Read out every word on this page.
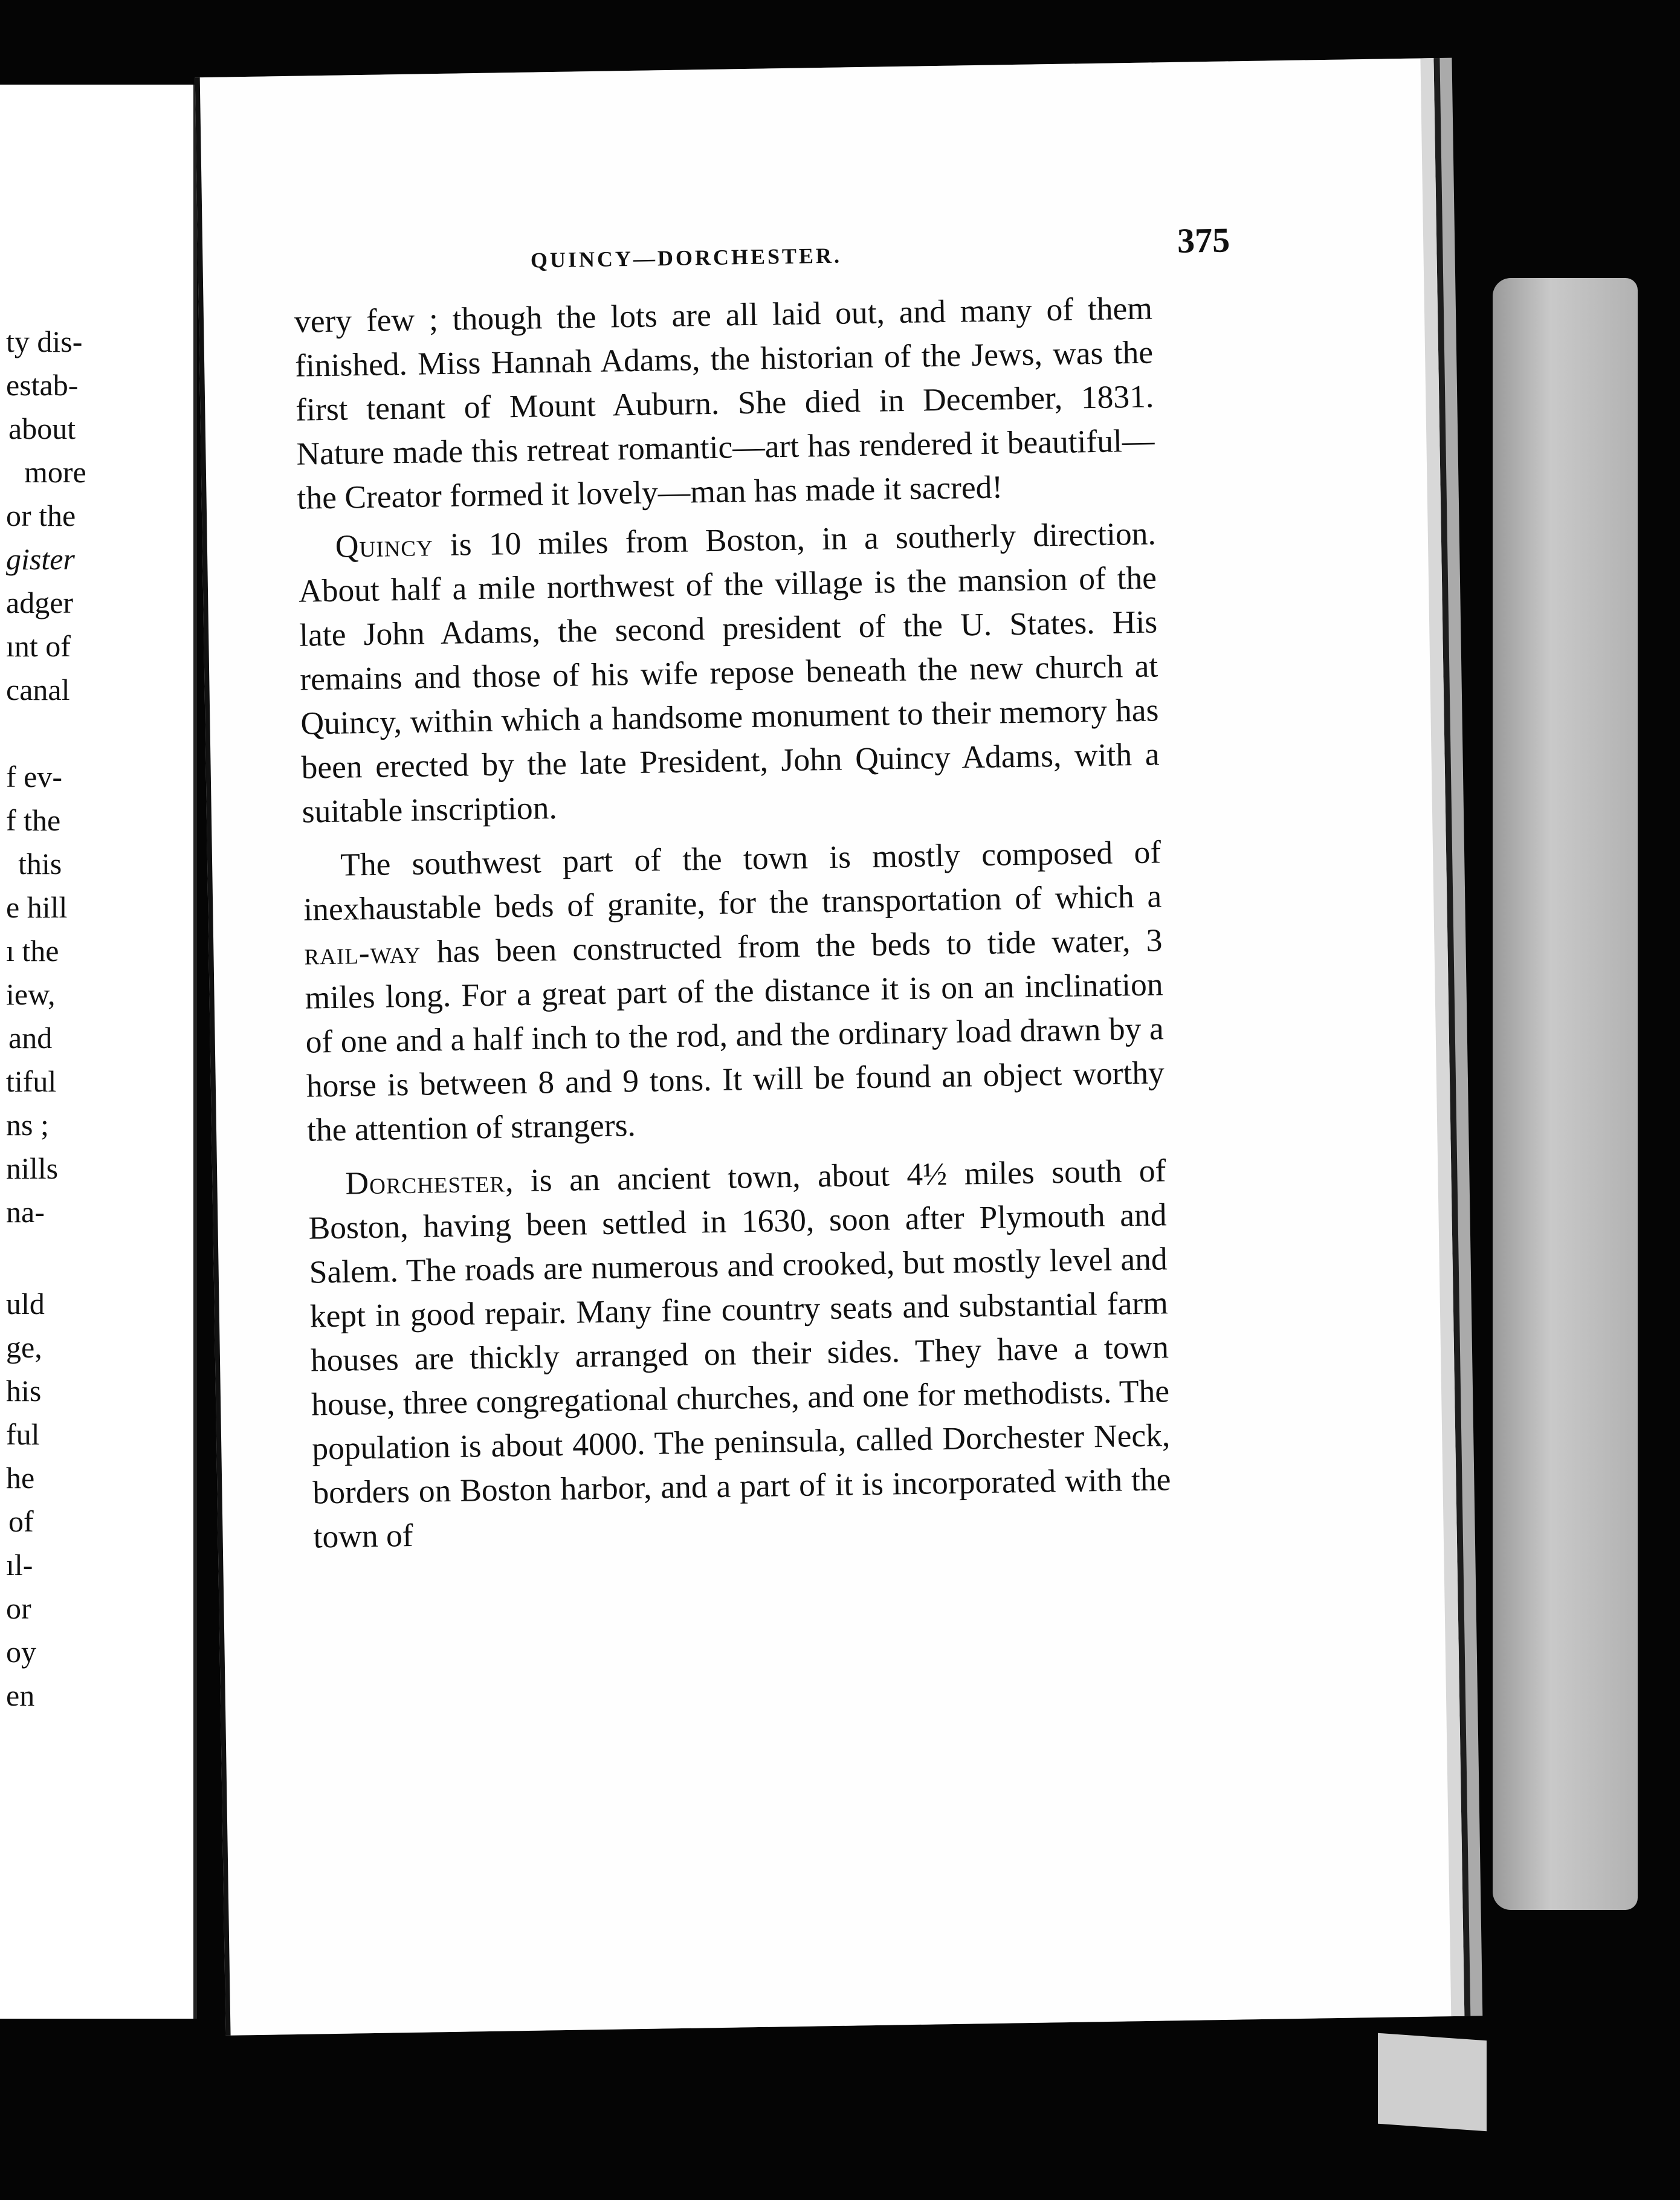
ty dis-
estab-
about
more
or the
gister
adger
ınt of
canal
f ev-
f the
this
e hill
ı the
iew,
and
tiful
ns ;
nills
na-
uld
ge,
his
ful
he
of
ıl-
or
oy
en
QUINCY—DORCHESTER.	375

very few ; though the lots are all laid out, and many of them finished. Miss Hannah Adams, the historian of the Jews, was the first tenant of Mount Auburn. She died in December, 1831. Nature made this retreat romantic—art has rendered it beautiful—the Creator formed it lovely—man has made it sacred!

Quincy is 10 miles from Boston, in a southerly direction. About half a mile northwest of the village is the mansion of the late John Adams, the second president of the U. States. His remains and those of his wife repose beneath the new church at Quincy, within which a handsome monument to their memory has been erected by the late President, John Quincy Adams, with a suitable inscription.

The southwest part of the town is mostly composed of inexhaustable beds of granite, for the transportation of which a rail-way has been constructed from the beds to tide water, 3 miles long. For a great part of the distance it is on an inclination of one and a half inch to the rod, and the ordinary load drawn by a horse is between 8 and 9 tons. It will be found an object worthy the attention of strangers.

Dorchester, is an ancient town, about 4½ miles south of Boston, having been settled in 1630, soon after Plymouth and Salem. The roads are numerous and crooked, but mostly level and kept in good repair. Many fine country seats and substantial farm houses are thickly arranged on their sides. They have a town house, three congregational churches, and one for methodists. The population is about 4000. The peninsula, called Dorchester Neck, borders on Boston harbor, and a part of it is incorporated with the town of
